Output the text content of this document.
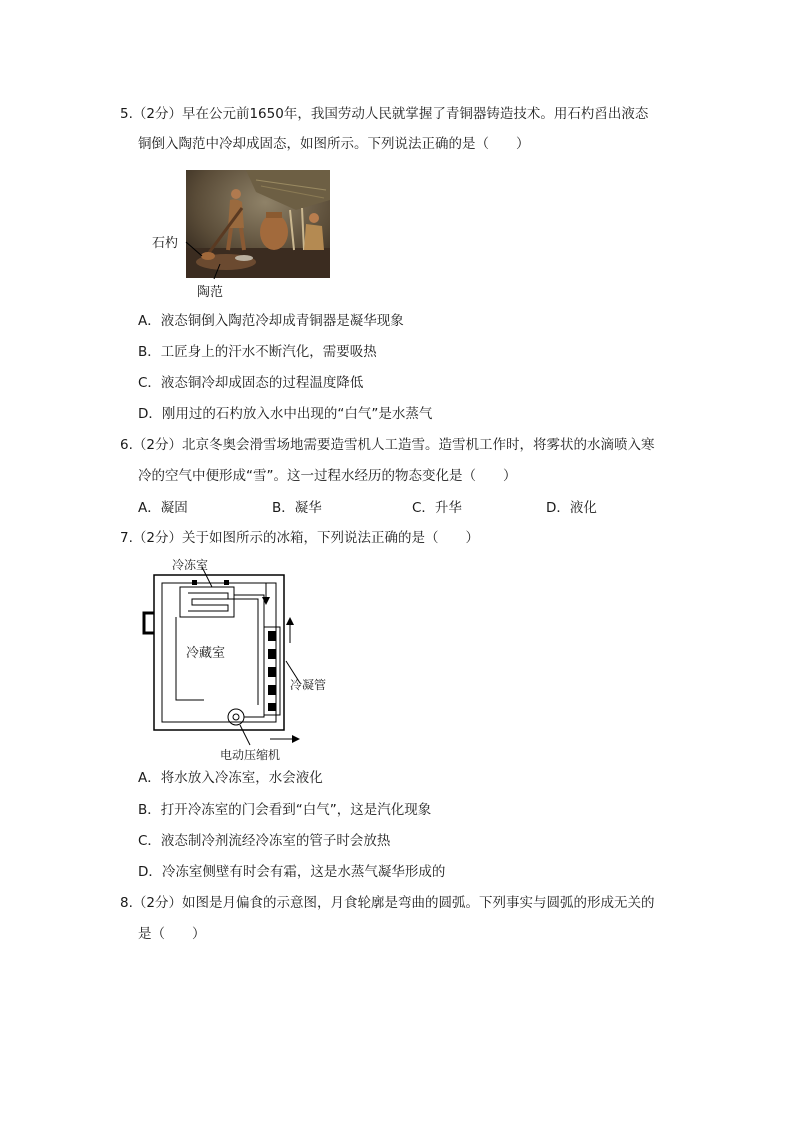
5.（2分）早在公元前1650年，我国劳动人民就掌握了青铜器铸造技术。用石杓舀出液态
铜倒入陶范中冷却成固态，如图所示。下列说法正确的是（　　）
石杓
陶范
A．液态铜倒入陶范冷却成青铜器是凝华现象
B．工匠身上的汗水不断汽化，需要吸热
C．液态铜冷却成固态的过程温度降低
D．刚用过的石杓放入水中出现的“白气”是水蒸气
6.（2分）北京冬奥会滑雪场地需要造雪机人工造雪。造雪机工作时，将雾状的水滴喷入寒
冷的空气中便形成“雪”。这一过程水经历的物态变化是（　　）
A．凝固	B．凝华	C．升华	D．液化
7.（2分）关于如图所示的冰箱，下列说法正确的是（　　）
冷冻室
冷藏室
冷凝管
电动压缩机
A．将水放入冷冻室，水会液化
B．打开冷冻室的门会看到“白气”，这是汽化现象
C．液态制冷剂流经冷冻室的管子时会放热
D．冷冻室侧壁有时会有霜，这是水蒸气凝华形成的
8.（2分）如图是月偏食的示意图，月食轮廓是弯曲的圆弧。下列事实与圆弧的形成无关的
是（　　）
